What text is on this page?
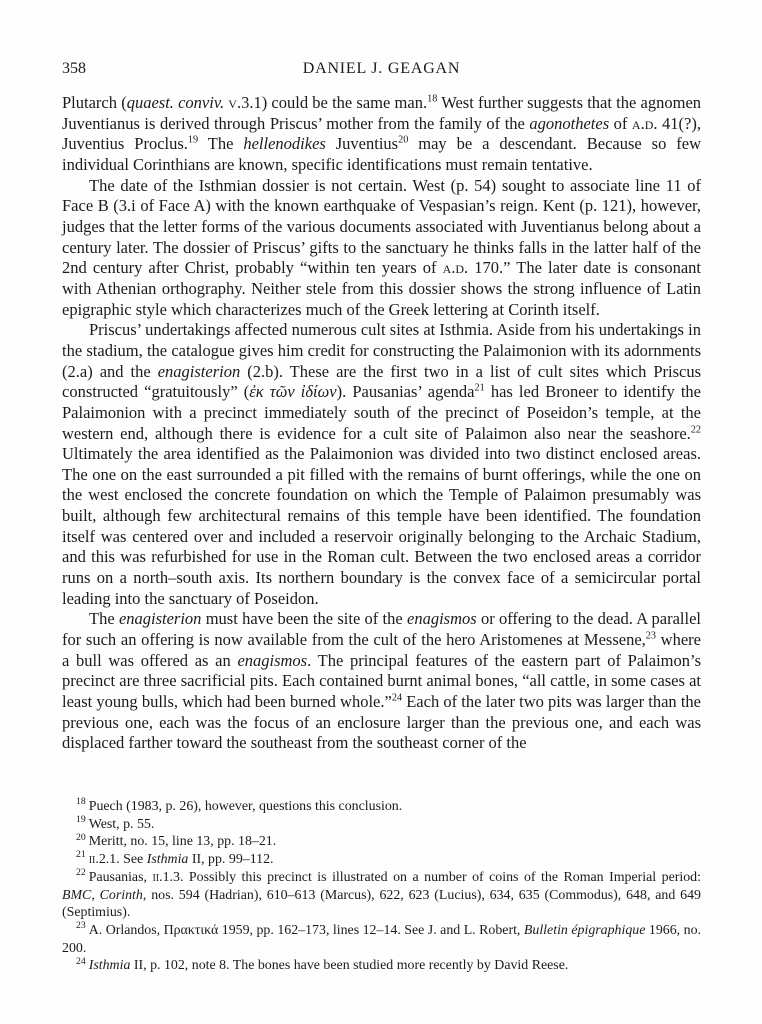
358	DANIEL J. GEAGAN

Plutarch (quaest. conviv. v.3.1) could be the same man.$^{18}$ West further suggests that the agnomen Juventianus is derived through Priscus’ mother from the family of the agonothetes of a.d. 41(?), Juventius Proclus.$^{19}$ The hellenodikes Juventius$^{20}$ may be a descendant. Because so few individual Corinthians are known, specific identifications must remain tentative.

The date of the Isthmian dossier is not certain. West (p. 54) sought to associate line 11 of Face B (3.i of Face A) with the known earthquake of Vespasian’s reign. Kent (p. 121), however, judges that the letter forms of the various documents associated with Juventianus belong about a century later. The dossier of Priscus’ gifts to the sanctuary he thinks falls in the latter half of the 2nd century after Christ, probably “within ten years of a.d. 170.” The later date is consonant with Athenian orthography. Neither stele from this dossier shows the strong influence of Latin epigraphic style which characterizes much of the Greek lettering at Corinth itself.

Priscus’ undertakings affected numerous cult sites at Isthmia. Aside from his undertakings in the stadium, the catalogue gives him credit for constructing the Palaimonion with its adornments (2.a) and the enagisterion (2.b). These are the first two in a list of cult sites which Priscus constructed “gratuitously” (ἐκ τῶν ἰδίων). Pausanias’ agenda$^{21}$ has led Broneer to identify the Palaimonion with a precinct immediately south of the precinct of Poseidon’s temple, at the western end, although there is evidence for a cult site of Palaimon also near the seashore.$^{22}$ Ultimately the area identified as the Palaimonion was divided into two distinct enclosed areas. The one on the east surrounded a pit filled with the remains of burnt offerings, while the one on the west enclosed the concrete foundation on which the Temple of Palaimon presumably was built, although few architectural remains of this temple have been identified. The foundation itself was centered over and included a reservoir originally belonging to the Archaic Stadium, and this was refurbished for use in the Roman cult. Between the two enclosed areas a corridor runs on a north–south axis. Its northern boundary is the convex face of a semicircular portal leading into the sanctuary of Poseidon.

The enagisterion must have been the site of the enagismos or offering to the dead. A parallel for such an offering is now available from the cult of the hero Aristomenes at Messene,$^{23}$ where a bull was offered as an enagismos. The principal features of the eastern part of Palaimon’s precinct are three sacrificial pits. Each contained burnt animal bones, “all cattle, in some cases at least young bulls, which had been burned whole.”$^{24}$ Each of the later two pits was larger than the previous one, each was the focus of an enclosure larger than the previous one, and each was displaced farther toward the southeast from the southeast corner of the

$^{18}$ Puech (1983, p. 26), however, questions this conclusion.

$^{19}$ West, p. 55.

$^{20}$ Meritt, no. 15, line 13, pp. 18–21.

$^{21}$ ii.2.1. See Isthmia II, pp. 99–112.

$^{22}$ Pausanias, ii.1.3. Possibly this precinct is illustrated on a number of coins of the Roman Imperial period: BMC, Corinth, nos. 594 (Hadrian), 610–613 (Marcus), 622, 623 (Lucius), 634, 635 (Commodus), 648, and 649 (Septimius).

$^{23}$ A. Orlandos, Πρακτικά 1959, pp. 162–173, lines 12–14. See J. and L. Robert, Bulletin épigraphique 1966, no. 200.

$^{24}$ Isthmia II, p. 102, note 8. The bones have been studied more recently by David Reese.
